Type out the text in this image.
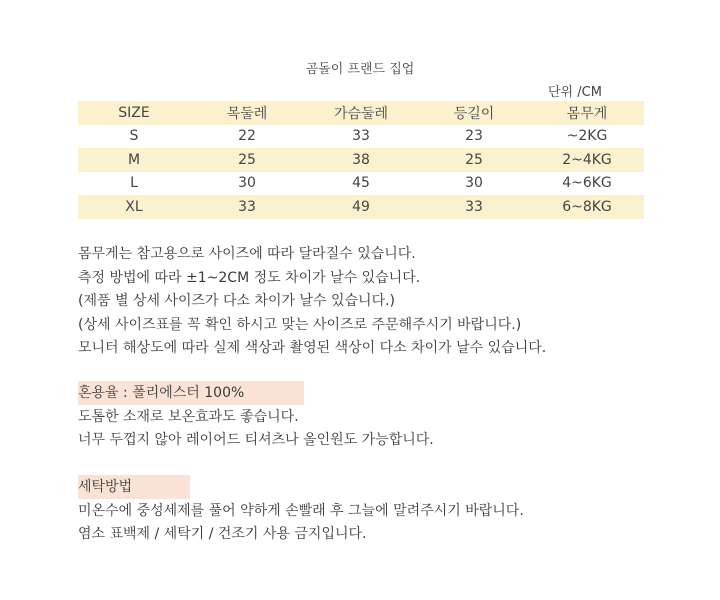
곰돌이 프랜드 집업
단위 /CM
SIZE	목둘레	가슴둘레	등길이	몸무게
S	22	33	23	~2KG
M	25	38	25	2~4KG
L	30	45	30	4~6KG
XL	33	49	33	6~8KG
몸무게는 참고용으로 사이즈에 따라 달라질수 있습니다.
측정 방법에 따라 ±1~2CM 정도 차이가 날수 있습니다.
(제품 별 상세 사이즈가 다소 차이가 날수 있습니다.)
(상세 사이즈표를 꼭 확인 하시고 맞는 사이즈로 주문해주시기 바랍니다.)
모니터 해상도에 따라 실제 색상과 촬영된 색상이 다소 차이가 날수 있습니다.
혼용율 : 폴리에스터 100%
도톰한 소재로 보온효과도 좋습니다.
너무 두껍지 않아 레이어드 티셔츠나 올인원도 가능합니다.
세탁방법
미온수에 중성세제를 풀어 약하게 손빨래 후 그늘에 말려주시기 바랍니다.
염소 표백제 / 세탁기 / 건조기 사용 금지입니다.
